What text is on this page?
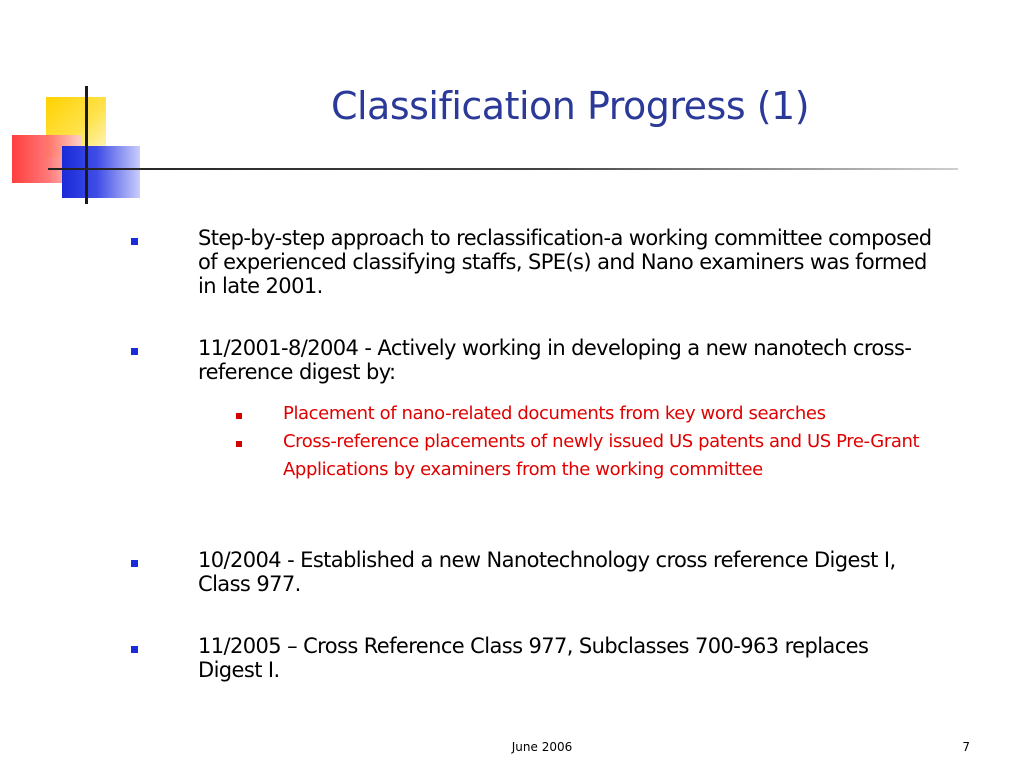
Classification Progress (1)
Step-by-step approach to reclassification-a working committee composed of experienced classifying staffs, SPE(s) and Nano examiners was formed in late 2001.
11/2001-8/2004 - Actively working in developing a new nanotech cross-reference digest by:
Placement of nano-related documents from key word searches
Cross-reference placements of newly issued US patents and US Pre-Grant Applications by examiners from the working committee
10/2004 - Established a new Nanotechnology cross reference Digest I, Class 977.
11/2005 – Cross Reference Class 977, Subclasses 700-963 replaces Digest I.
June 2006	7
